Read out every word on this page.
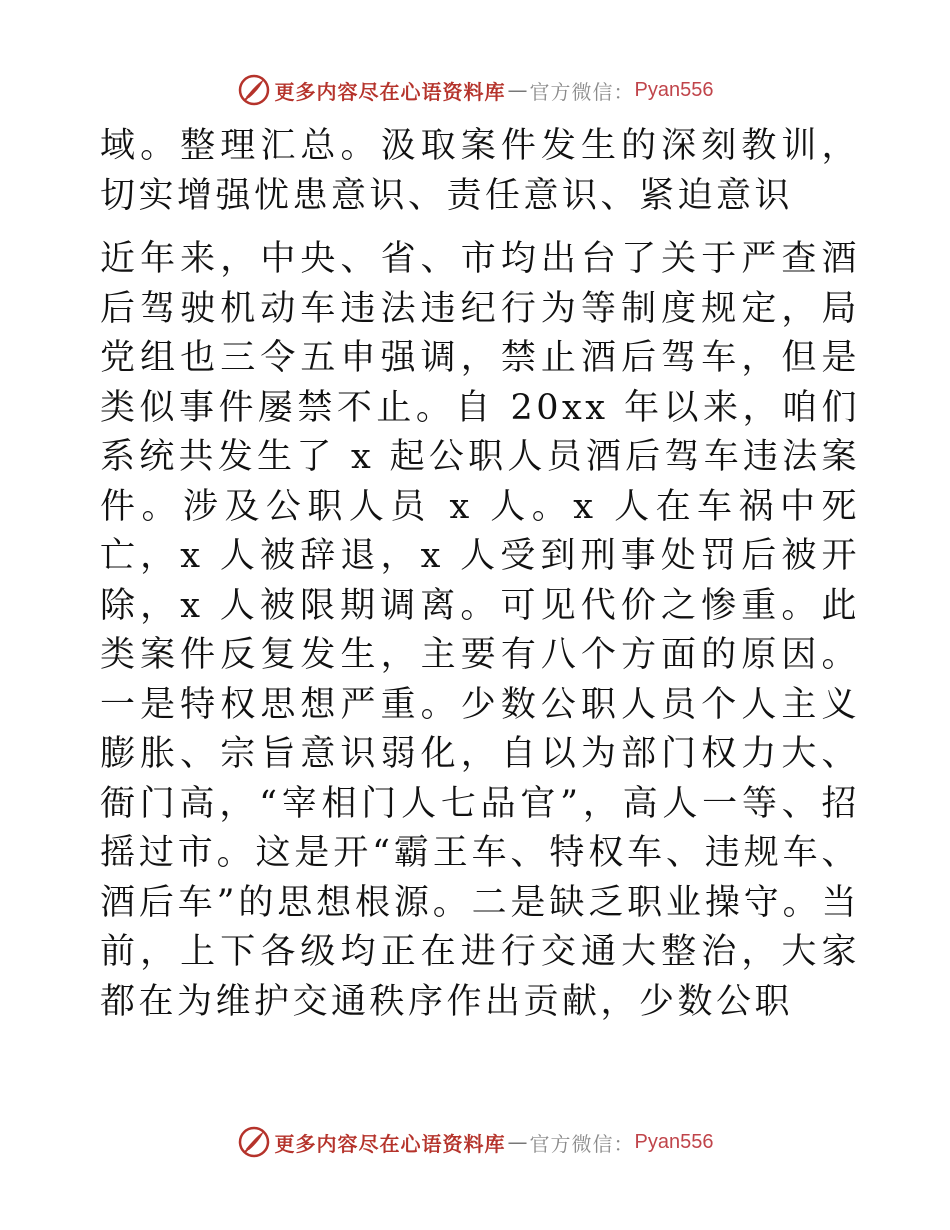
更多内容尽在心语资料库 — 官方微信： Pyan556

域。整理汇总。汲取案件发生的深刻教训，切实增强忧患意识、责任意识、紧迫意识

近年来，中央、省、市均出台了关于严查酒后驾驶机动车违法违纪行为等制度规定，局党组也三令五申强调，禁止酒后驾车，但是类似事件屡禁不止。自 20xx 年以来，咱们系统共发生了 x 起公职人员酒后驾车违法案件。涉及公职人员 x 人。x 人在车祸中死亡，x 人被辞退，x 人受到刑事处罚后被开除，x 人被限期调离。可见代价之惨重。此类案件反复发生，主要有八个方面的原因。一是特权思想严重。少数公职人员个人主义膨胀、宗旨意识弱化，自以为部门权力大、衙门高，“宰相门人七品官”，高人一等、招摇过市。这是开“霸王车、特权车、违规车、酒后车”的思想根源。二是缺乏职业操守。当前，上下各级均正在进行交通大整治，大家都在为维护交通秩序作出贡献，少数公职

更多内容尽在心语资料库 — 官方微信： Pyan556
